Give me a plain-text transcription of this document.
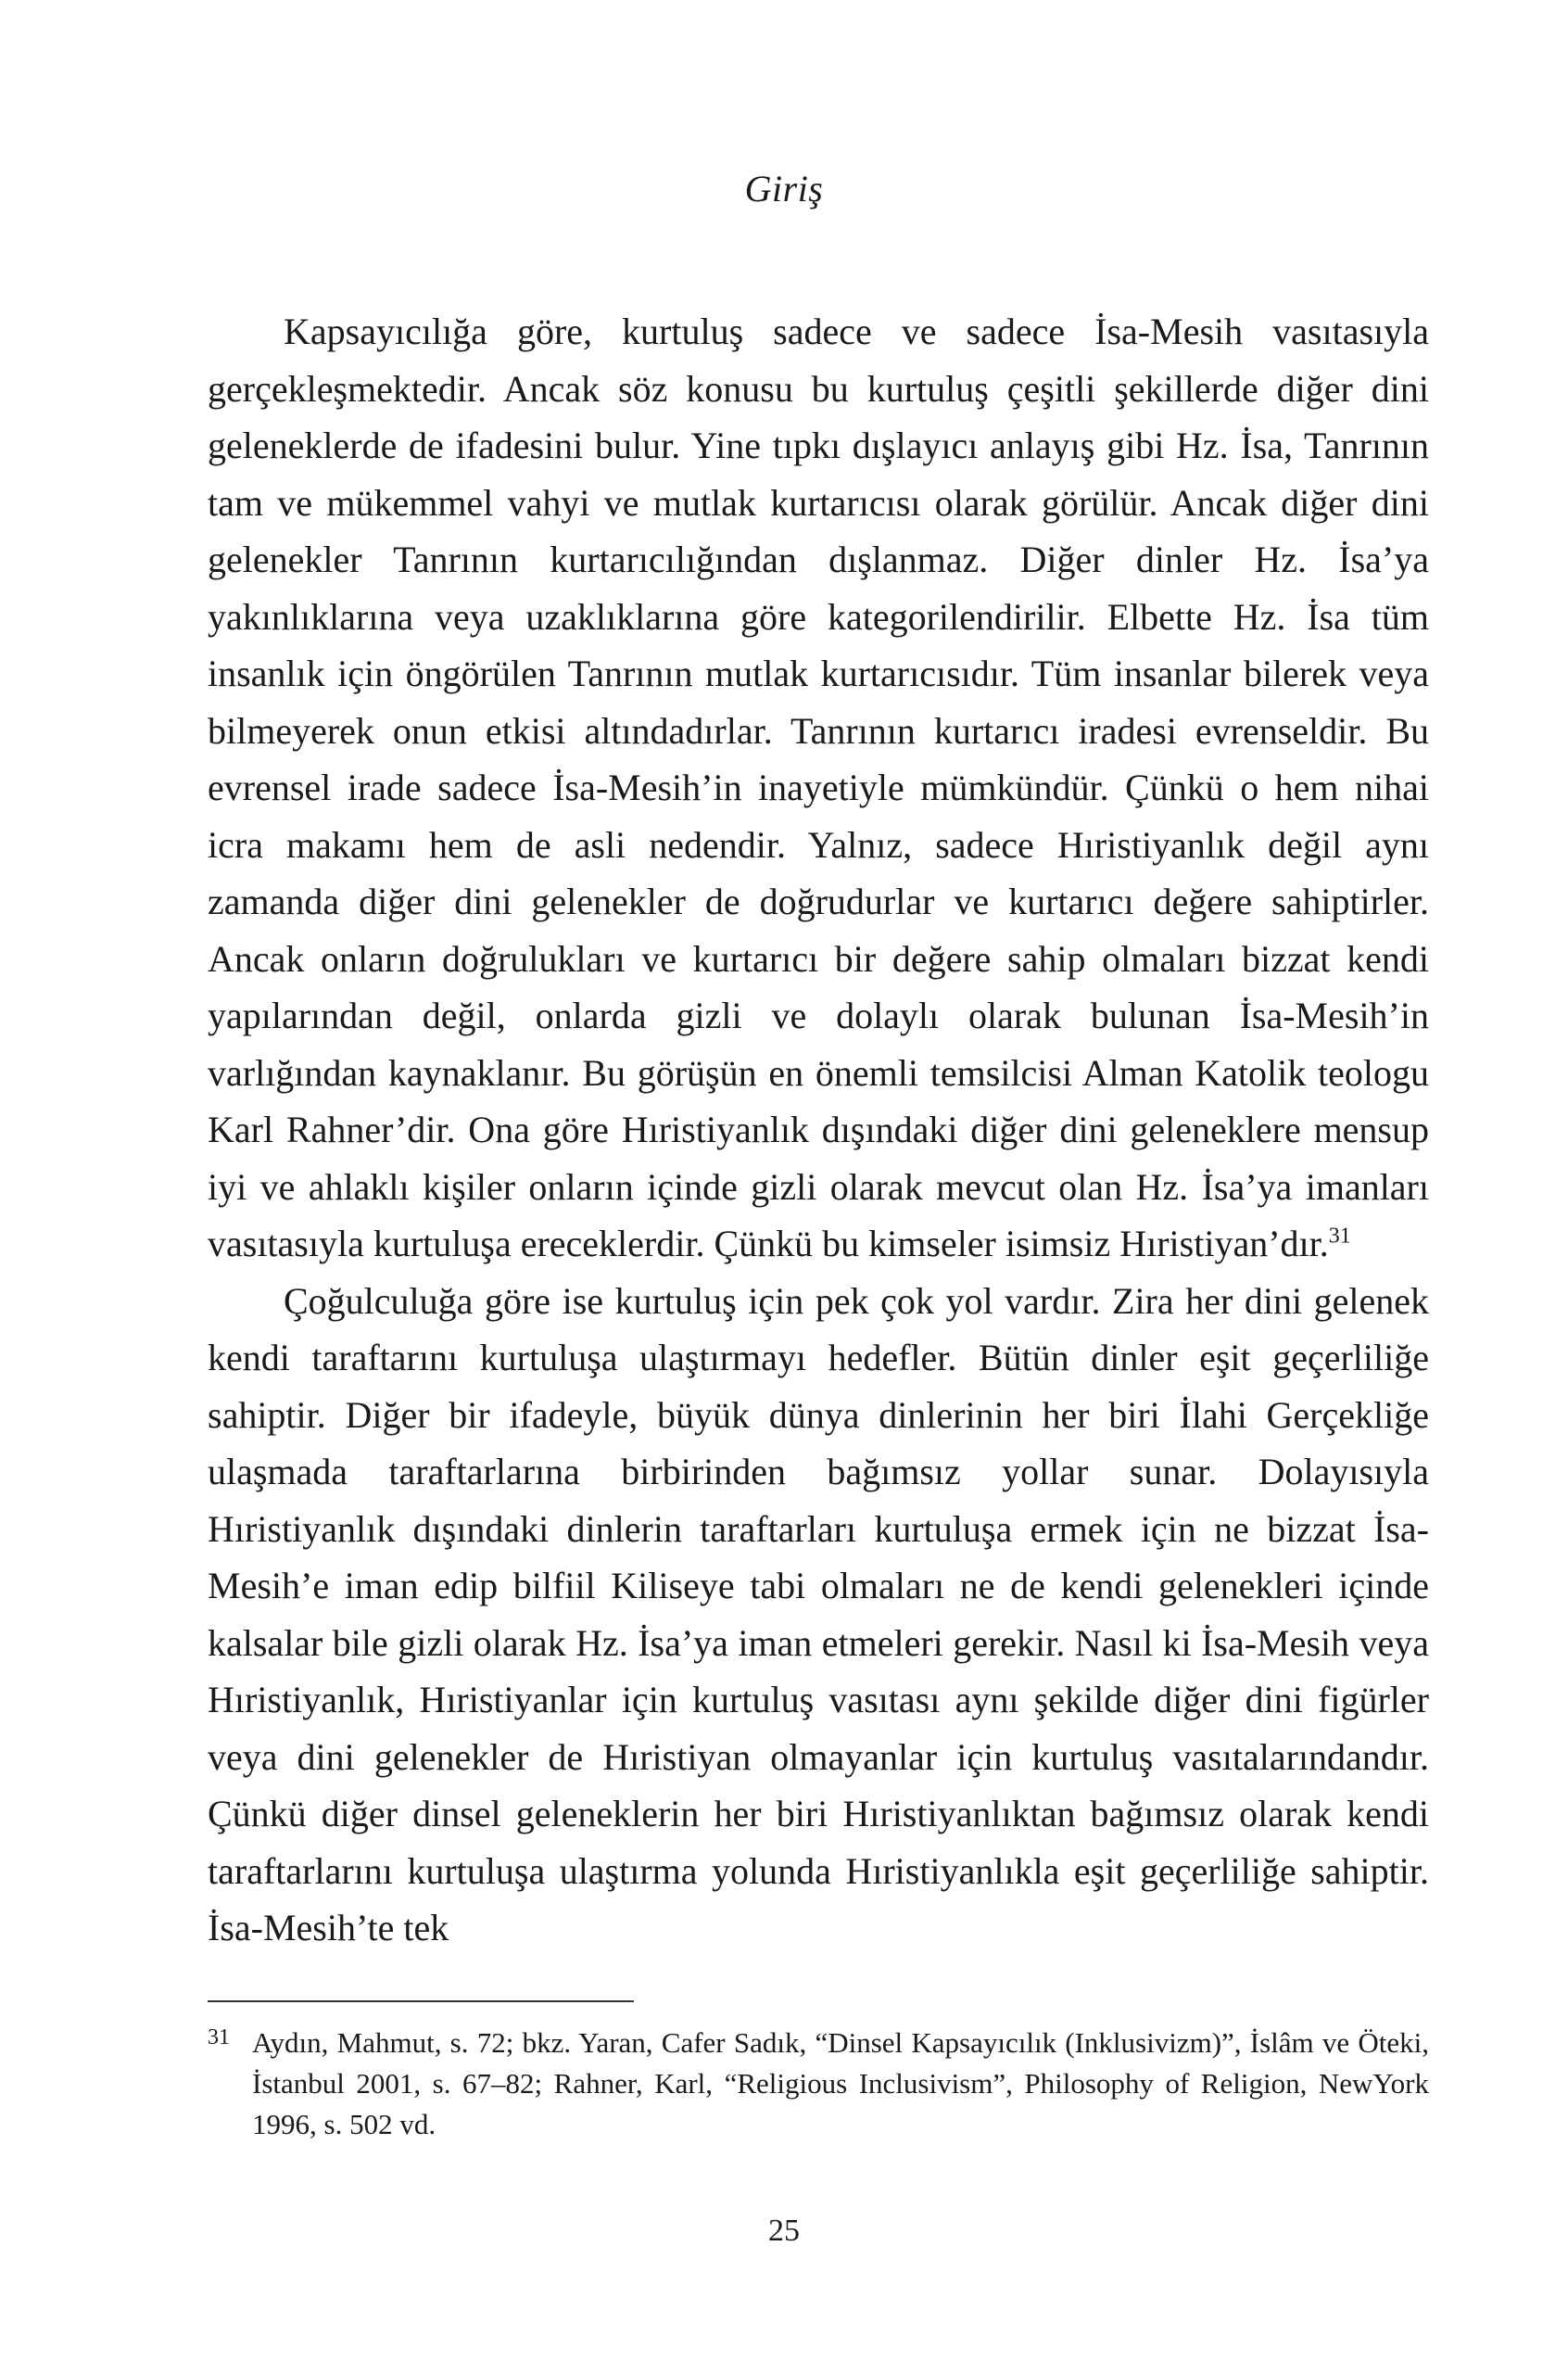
Giriş

Kapsayıcılığa göre, kurtuluş sadece ve sadece İsa-Mesih vasıtasıyla gerçekleşmektedir. Ancak söz konusu bu kurtuluş çeşitli şekillerde diğer dini geleneklerde de ifadesini bulur. Yine tıpkı dışlayıcı anlayış gibi Hz. İsa, Tanrının tam ve mükemmel vahyi ve mutlak kurtarıcısı olarak görülür. Ancak diğer dini gelenekler Tanrının kurtarıcılığından dışlanmaz. Diğer dinler Hz. İsa’ya yakınlıklarına veya uzaklıklarına göre kategorilendirilir. Elbette Hz. İsa tüm insanlık için öngörülen Tanrının mutlak kurtarıcısıdır. Tüm insanlar bilerek veya bilmeyerek onun etkisi altındadırlar. Tanrının kurtarıcı iradesi evrenseldir. Bu evrensel irade sadece İsa-Mesih’in inayetiyle mümkündür. Çünkü o hem nihai icra makamı hem de asli nedendir. Yalnız, sadece Hıristiyanlık değil aynı zamanda diğer dini gelenekler de doğrudurlar ve kurtarıcı değere sahiptirler. Ancak onların doğrulukları ve kurtarıcı bir değere sahip olmaları bizzat kendi yapılarından değil, onlarda gizli ve dolaylı olarak bulunan İsa-Mesih’in varlığından kaynaklanır. Bu görüşün en önemli temsilcisi Alman Katolik teologu Karl Rahner’dir. Ona göre Hıristiyanlık dışındaki diğer dini geleneklere mensup iyi ve ahlaklı kişiler onların içinde gizli olarak mevcut olan Hz. İsa’ya imanları vasıtasıyla kurtuluşa ereceklerdir. Çünkü bu kimseler isimsiz Hıristiyan’dır.$^{31}$

Çoğulculuğa göre ise kurtuluş için pek çok yol vardır. Zira her dini gelenek kendi taraftarını kurtuluşa ulaştırmayı hedefler. Bütün dinler eşit geçerliliğe sahiptir. Diğer bir ifadeyle, büyük dünya dinlerinin her biri İlahi Gerçekliğe ulaşmada taraftarlarına birbirinden bağımsız yollar sunar. Dolayısıyla Hıristiyanlık dışındaki dinlerin taraftarları kurtuluşa ermek için ne bizzat İsa-Mesih’e iman edip bilfiil Kiliseye tabi olmaları ne de kendi gelenekleri içinde kalsalar bile gizli olarak Hz. İsa’ya iman etmeleri gerekir. Nasıl ki İsa-Mesih veya Hıristiyanlık, Hıristiyanlar için kurtuluş vasıtası aynı şekilde diğer dini figürler veya dini gelenekler de Hıristiyan olmayanlar için kurtuluş vasıtalarındandır. Çünkü diğer dinsel geleneklerin her biri Hıristiyanlıktan bağımsız olarak kendi taraftarlarını kurtuluşa ulaştırma yolunda Hıristiyanlıkla eşit geçerliliğe sahiptir. İsa-Mesih’te tek

31 Aydın, Mahmut, s. 72; bkz. Yaran, Cafer Sadık, “Dinsel Kapsayıcılık (Inklusivizm)”, İslâm ve Öteki, İstanbul 2001, s. 67–82; Rahner, Karl, “Religious Inclusivism”, Philosophy of Religion, NewYork 1996, s. 502 vd.

25
